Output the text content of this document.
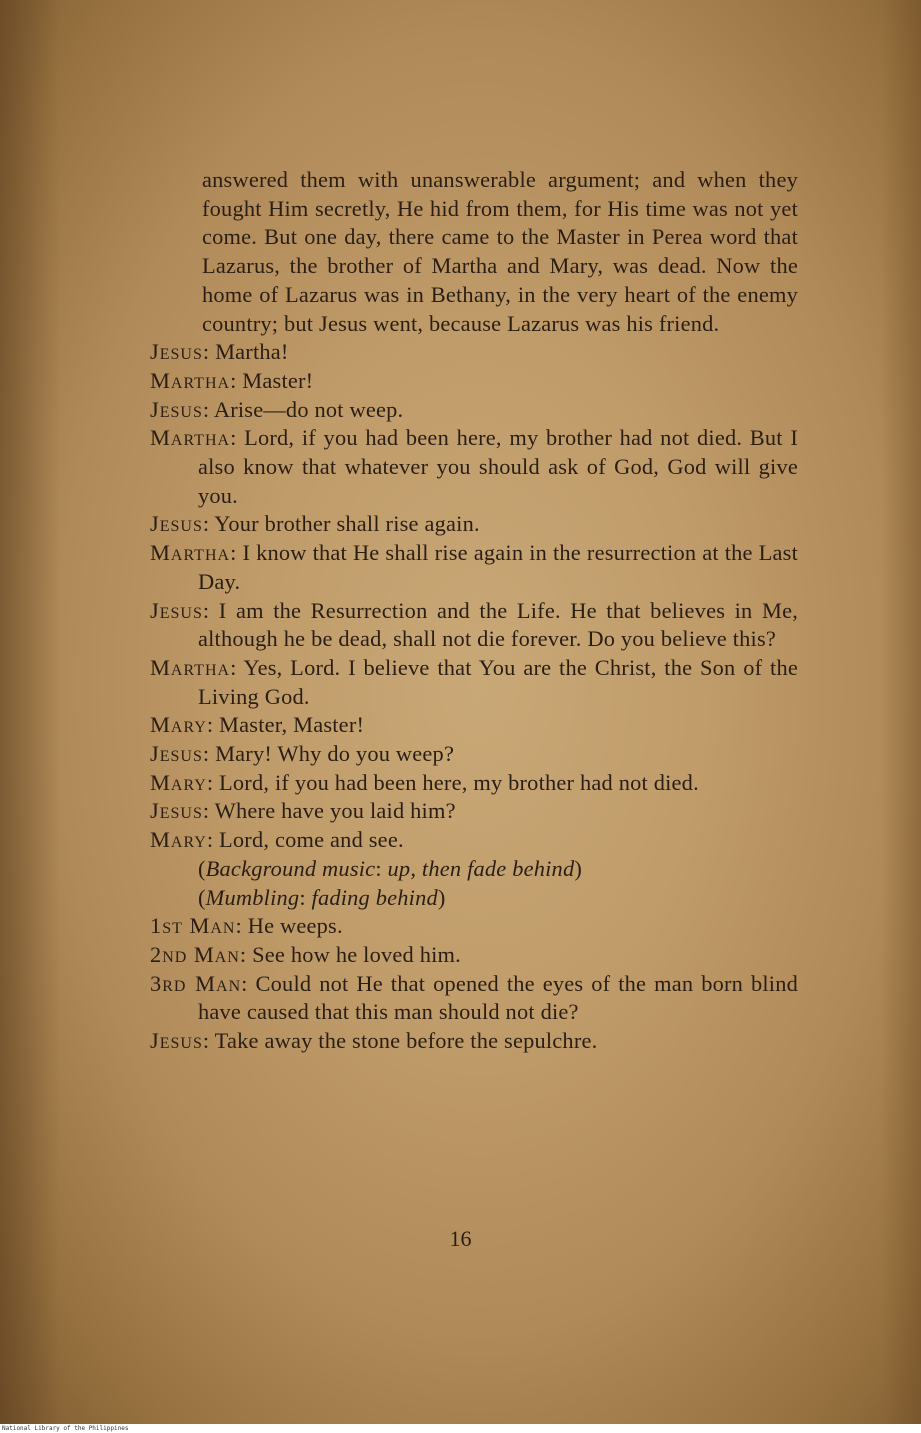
answered them with unanswerable argument; and when they fought Him secretly, He hid from them, for His time was not yet come. But one day, there came to the Master in Perea word that Lazarus, the brother of Martha and Mary, was dead. Now the home of Lazarus was in Bethany, in the very heart of the enemy country; but Jesus went, because Lazarus was his friend.

Jesus: Martha!

Martha: Master!

Jesus: Arise—do not weep.

Martha: Lord, if you had been here, my brother had not died. But I also know that whatever you should ask of God, God will give you.

Jesus: Your brother shall rise again.

Martha: I know that He shall rise again in the resurrection at the Last Day.

Jesus: I am the Resurrection and the Life. He that believes in Me, although he be dead, shall not die forever. Do you believe this?

Martha: Yes, Lord. I believe that You are the Christ, the Son of the Living God.

Mary: Master, Master!

Jesus: Mary! Why do you weep?

Mary: Lord, if you had been here, my brother had not died.

Jesus: Where have you laid him?

Mary: Lord, come and see.

(Background music: up, then fade behind)

(Mumbling: fading behind)

1st Man: He weeps.

2nd Man: See how he loved him.

3rd Man: Could not He that opened the eyes of the man born blind have caused that this man should not die?

Jesus: Take away the stone before the sepulchre.

16
National Library of the Philippines
